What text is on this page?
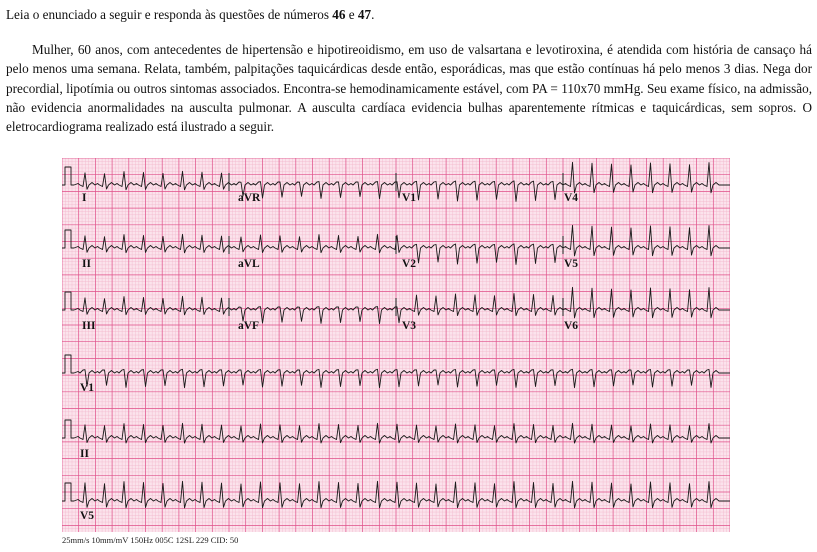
Leia o enunciado a seguir e responda às questões de números 46 e 47.

Mulher, 60 anos, com antecedentes de hipertensão e hipotireoidismo, em uso de valsartana e levotiroxina, é atendida com história de cansaço há pelo menos uma semana. Relata, também, palpitações taquicárdicas desde então, esporádicas, mas que estão contínuas há pelo menos 3 dias. Nega dor precordial, lipotímia ou outros sintomas associados. Encontra-se hemodinamicamente estável, com PA = 110x70 mmHg. Seu exame físico, na admissão, não evidencia anormalidades na ausculta pulmonar. A ausculta cardíaca evidencia bulhas aparentemente rítmicas e taquicárdicas, sem sopros. O eletrocardiograma realizado está ilustrado a seguir.

I	aVR	V1	V4
II	aVL	V2	V5
III	aVF	V3	V6
V1
II
V5
25mm/s 10mm/mV 150Hz 005C 12SL 229 CID: 50
